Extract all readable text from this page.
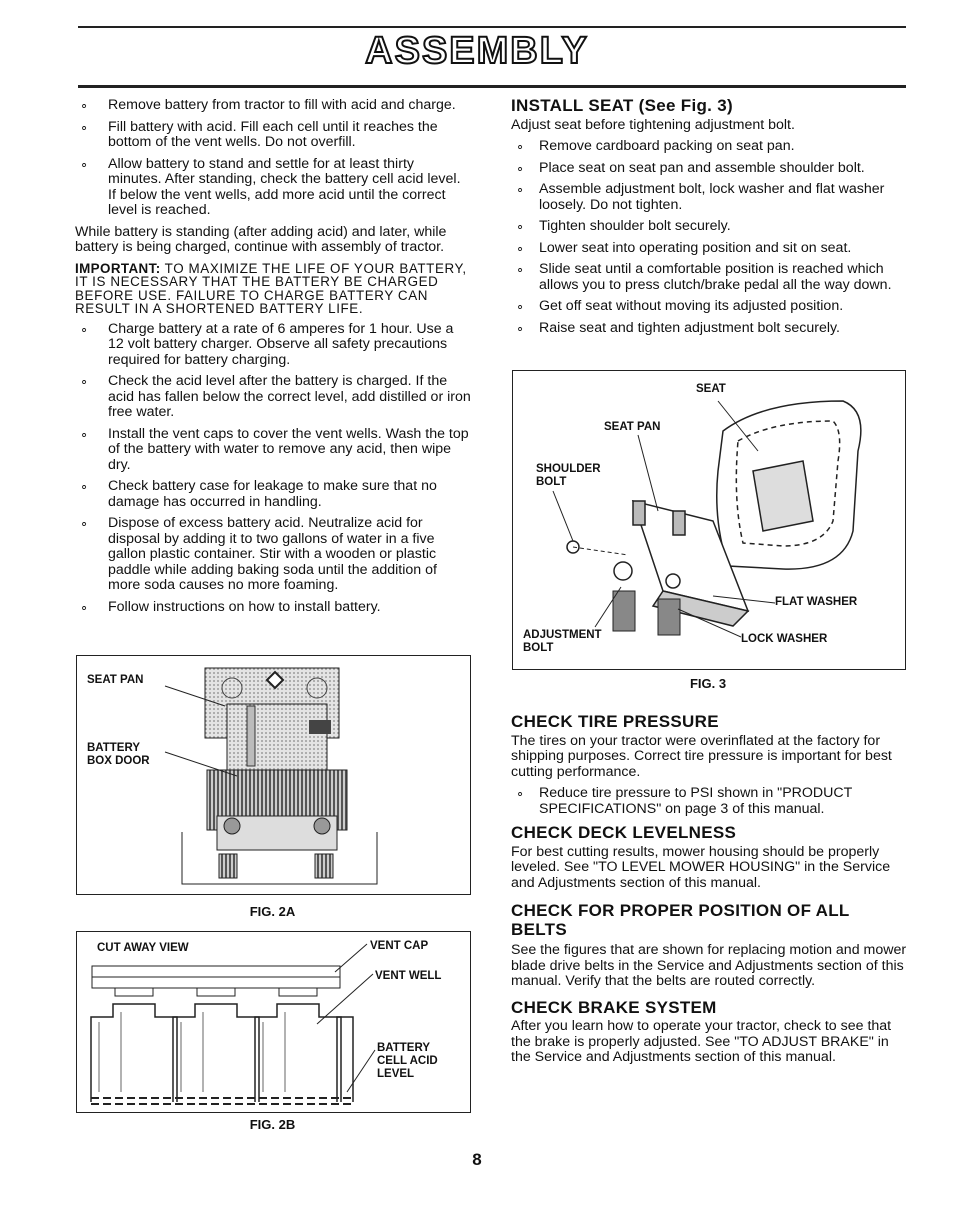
ASSEMBLY
∘ Remove battery from tractor to fill with acid and charge.
∘ Fill battery with acid. Fill each cell until it reaches the bottom of the vent wells. Do not overfill.
∘ Allow battery to stand and settle for at least thirty minutes. After standing, check the battery cell acid level. If below the vent wells, add more acid until the correct level is reached.

While battery is standing (after adding acid) and later, while battery is being charged, continue with assembly of tractor.

IMPORTANT: TO MAXIMIZE THE LIFE OF YOUR BATTERY, IT IS NECESSARY THAT THE BATTERY BE CHARGED BEFORE USE. FAILURE TO CHARGE BATTERY CAN RESULT IN A SHORTENED BATTERY LIFE.

∘ Charge battery at a rate of 6 amperes for 1 hour. Use a 12 volt battery charger. Observe all safety precautions required for battery charging.
∘ Check the acid level after the battery is charged. If the acid has fallen below the correct level, add distilled or iron free water.
∘ Install the vent caps to cover the vent wells. Wash the top of the battery with water to remove any acid, then wipe dry.
∘ Check battery case for leakage to make sure that no damage has occurred in handling.
∘ Dispose of excess battery acid. Neutralize acid for disposal by adding it to two gallons of water in a five gallon plastic container. Stir with a wooden or plastic paddle while adding baking soda until the addition of more soda causes no more foaming.
∘ Follow instructions on how to install battery.
SEAT PAN
BATTERY BOX DOOR
FIG. 2A
CUT AWAY VIEW	VENT CAP
VENT WELL
BATTERY CELL ACID LEVEL
FIG. 2B
INSTALL SEAT (See Fig. 3)

Adjust seat before tightening adjustment bolt.

∘ Remove cardboard packing on seat pan.
∘ Place seat on seat pan and assemble shoulder bolt.
∘ Assemble adjustment bolt, lock washer and flat washer loosely. Do not tighten.
∘ Tighten shoulder bolt securely.
∘ Lower seat into operating position and sit on seat.
∘ Slide seat until a comfortable position is reached which allows you to press clutch/brake pedal all the way down.
∘ Get off seat without moving its adjusted position.
∘ Raise seat and tighten adjustment bolt securely.
SEAT
SEAT PAN
SHOULDER BOLT
FLAT WASHER
ADJUSTMENT BOLT
LOCK WASHER
FIG. 3
CHECK TIRE PRESSURE

The tires on your tractor were overinflated at the factory for shipping purposes. Correct tire pressure is important for best cutting performance.

∘ Reduce tire pressure to PSI shown in "PRODUCT SPECIFICATIONS" on page 3 of this manual.
CHECK DECK LEVELNESS

For best cutting results, mower housing should be properly leveled. See "TO LEVEL MOWER HOUSING" in the Service and Adjustments section of this manual.

CHECK FOR PROPER POSITION OF ALL BELTS

See the figures that are shown for replacing motion and mower blade drive belts in the Service and Adjustments section of this manual. Verify that the belts are routed correctly.

CHECK BRAKE SYSTEM

After you learn how to operate your tractor, check to see that the brake is properly adjusted. See "TO ADJUST BRAKE" in the Service and Adjustments section of this manual.

8
